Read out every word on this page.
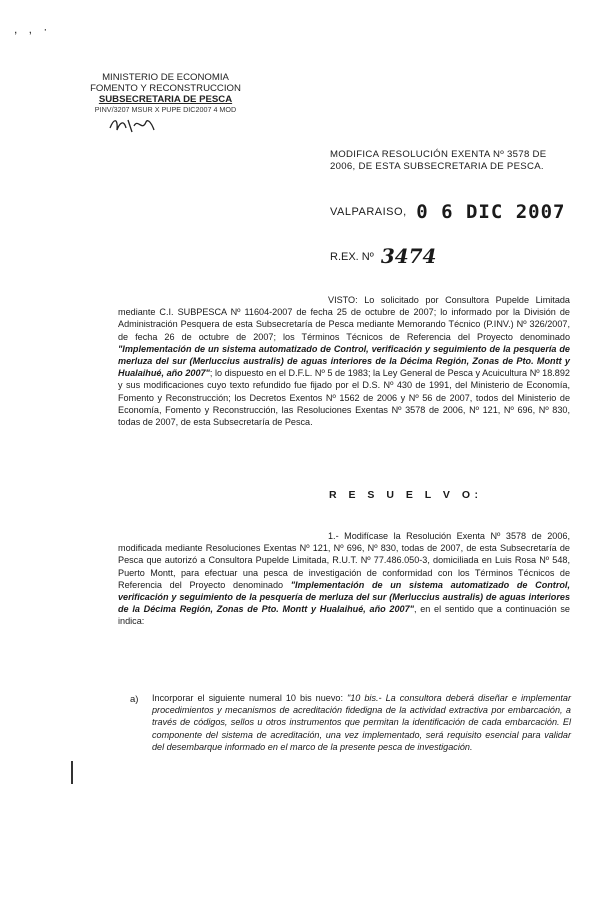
, , ·
MINISTERIO DE ECONOMIA
FOMENTO Y RECONSTRUCCION
SUBSECRETARIA DE PESCA
PINV/3207 MSUR X PUPE DIC2007 4 MOD
MODIFICA RESOLUCIÓN EXENTA Nº 3578 DE 2006, DE ESTA SUBSECRETARIA DE PESCA.
VALPARAISO, 0 6 DIC 2007
R.EX. Nº 3474
VISTO: Lo solicitado por Consultora Pupelde Limitada mediante C.I. SUBPESCA Nº 11604-2007 de fecha 25 de octubre de 2007; lo informado por la División de Administración Pesquera de esta Subsecretaría de Pesca mediante Memorando Técnico (P.INV.) Nº 326/2007, de fecha 26 de octubre de 2007; los Términos Técnicos de Referencia del Proyecto denominado "Implementación de un sistema automatizado de Control, verificación y seguimiento de la pesquería de merluza del sur (Merluccius australis) de aguas interiores de la Décima Región, Zonas de Pto. Montt y Hualaihué, año 2007"; lo dispuesto en el D.F.L. Nº 5 de 1983; la Ley General de Pesca y Acuicultura Nº 18.892 y sus modificaciones cuyo texto refundido fue fijado por el D.S. Nº 430 de 1991, del Ministerio de Economía, Fomento y Reconstrucción; los Decretos Exentos Nº 1562 de 2006 y Nº 56 de 2007, todos del Ministerio de Economía, Fomento y Reconstrucción, las Resoluciones Exentas Nº 3578 de 2006, Nº 121, Nº 696, Nº 830, todas de 2007, de esta Subsecretaría de Pesca.
R E S U E L V O:
1.- Modifícase la Resolución Exenta Nº 3578 de 2006, modificada mediante Resoluciones Exentas Nº 121, Nº 696, Nº 830, todas de 2007, de esta Subsecretaría de Pesca que autorizó a Consultora Pupelde Limitada, R.U.T. Nº 77.486.050-3, domiciliada en Luis Rosa Nº 548, Puerto Montt, para efectuar una pesca de investigación de conformidad con los Términos Técnicos de Referencia del Proyecto denominado "Implementación de un sistema automatizado de Control, verificación y seguimiento de la pesquería de merluza del sur (Merluccius australis) de aguas interiores de la Décima Región, Zonas de Pto. Montt y Hualaihué, año 2007", en el sentido que a continuación se indica:
a) Incorporar el siguiente numeral 10 bis nuevo: "10 bis.- La consultora deberá diseñar e implementar procedimientos y mecanismos de acreditación fidedigna de la actividad extractiva por embarcación, a través de códigos, sellos u otros instrumentos que permitan la identificación de cada embarcación. El componente del sistema de acreditación, una vez implementado, será requisito esencial para validar del desembarque informado en el marco de la presente pesca de investigación.
